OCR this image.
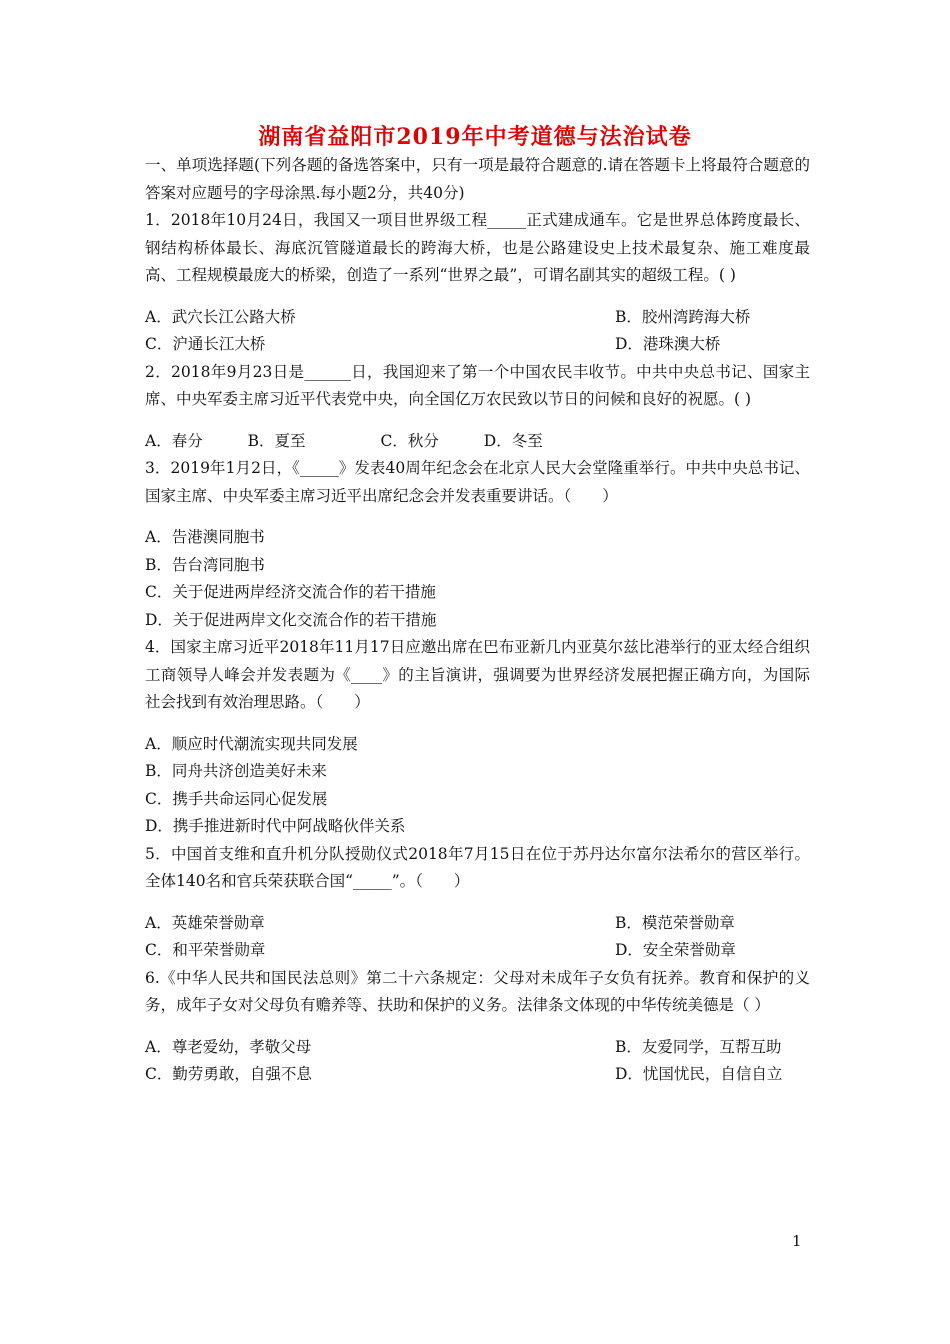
湖南省益阳市2019年中考道德与法治试卷

一、单项选择题(下列各题的备选答案中，只有一项是最符合题意的.请在答题卡上将最符合题意的答案对应题号的字母涂黑.每小题2分，共40分)

1．2018年10月24日，我国又一项目世界级工程_____正式建成通车。它是世界总体跨度最长、钢结构桥体最长、海底沉管隧道最长的跨海大桥，也是公路建设史上技术最复杂、施工难度最高、工程规模最庞大的桥梁，创造了一系列“世界之最”，可谓名副其实的超级工程。( )

A．武穴长江公路大桥	B．胶州湾跨海大桥
C．沪通长江大桥	D．港珠澳大桥

2．2018年9月23日是______日，我国迎来了第一个中国农民丰收节。中共中央总书记、国家主席、中央军委主席习近平代表党中央，向全国亿万农民致以节日的问候和良好的祝愿。( )

A．春分	B．夏至	C．秋分	D．冬至

3．2019年1月2日，《_____》发表40周年纪念会在北京人民大会堂隆重举行。中共中央总书记、国家主席、中央军委主席习近平出席纪念会并发表重要讲话。（　　）

A．告港澳同胞书
B．告台湾同胞书
C．关于促进两岸经济交流合作的若干措施
D．关于促进两岸文化交流合作的若干措施

4．国家主席习近平2018年11月17日应邀出席在巴布亚新几内亚莫尔兹比港举行的亚太经合组织工商领导人峰会并发表题为《____》的主旨演讲，强调要为世界经济发展把握正确方向，为国际社会找到有效治理思路。（　　）

A．顺应时代潮流实现共同发展
B．同舟共济创造美好未来
C．携手共命运同心促发展
D．携手推进新时代中阿战略伙伴关系

5．中国首支维和直升机分队授勋仪式2018年7月15日在位于苏丹达尔富尔法希尔的营区举行。全体140名和官兵荣获联合国“_____”。（　　）

A．英雄荣誉勋章	B．模范荣誉勋章
C．和平荣誉勋章	D．安全荣誉勋章

6.《中华人民共和国民法总则》第二十六条规定：父母对未成年子女负有抚养。教育和保护的义务，成年子女对父母负有赡养等、扶助和保护的义务。法律条文体现的中华传统美德是（ ）

A．尊老爱幼，孝敬父母	B．友爱同学，互帮互助
C．勤劳勇敢，自强不息	D．忧国忧民，自信自立
1
